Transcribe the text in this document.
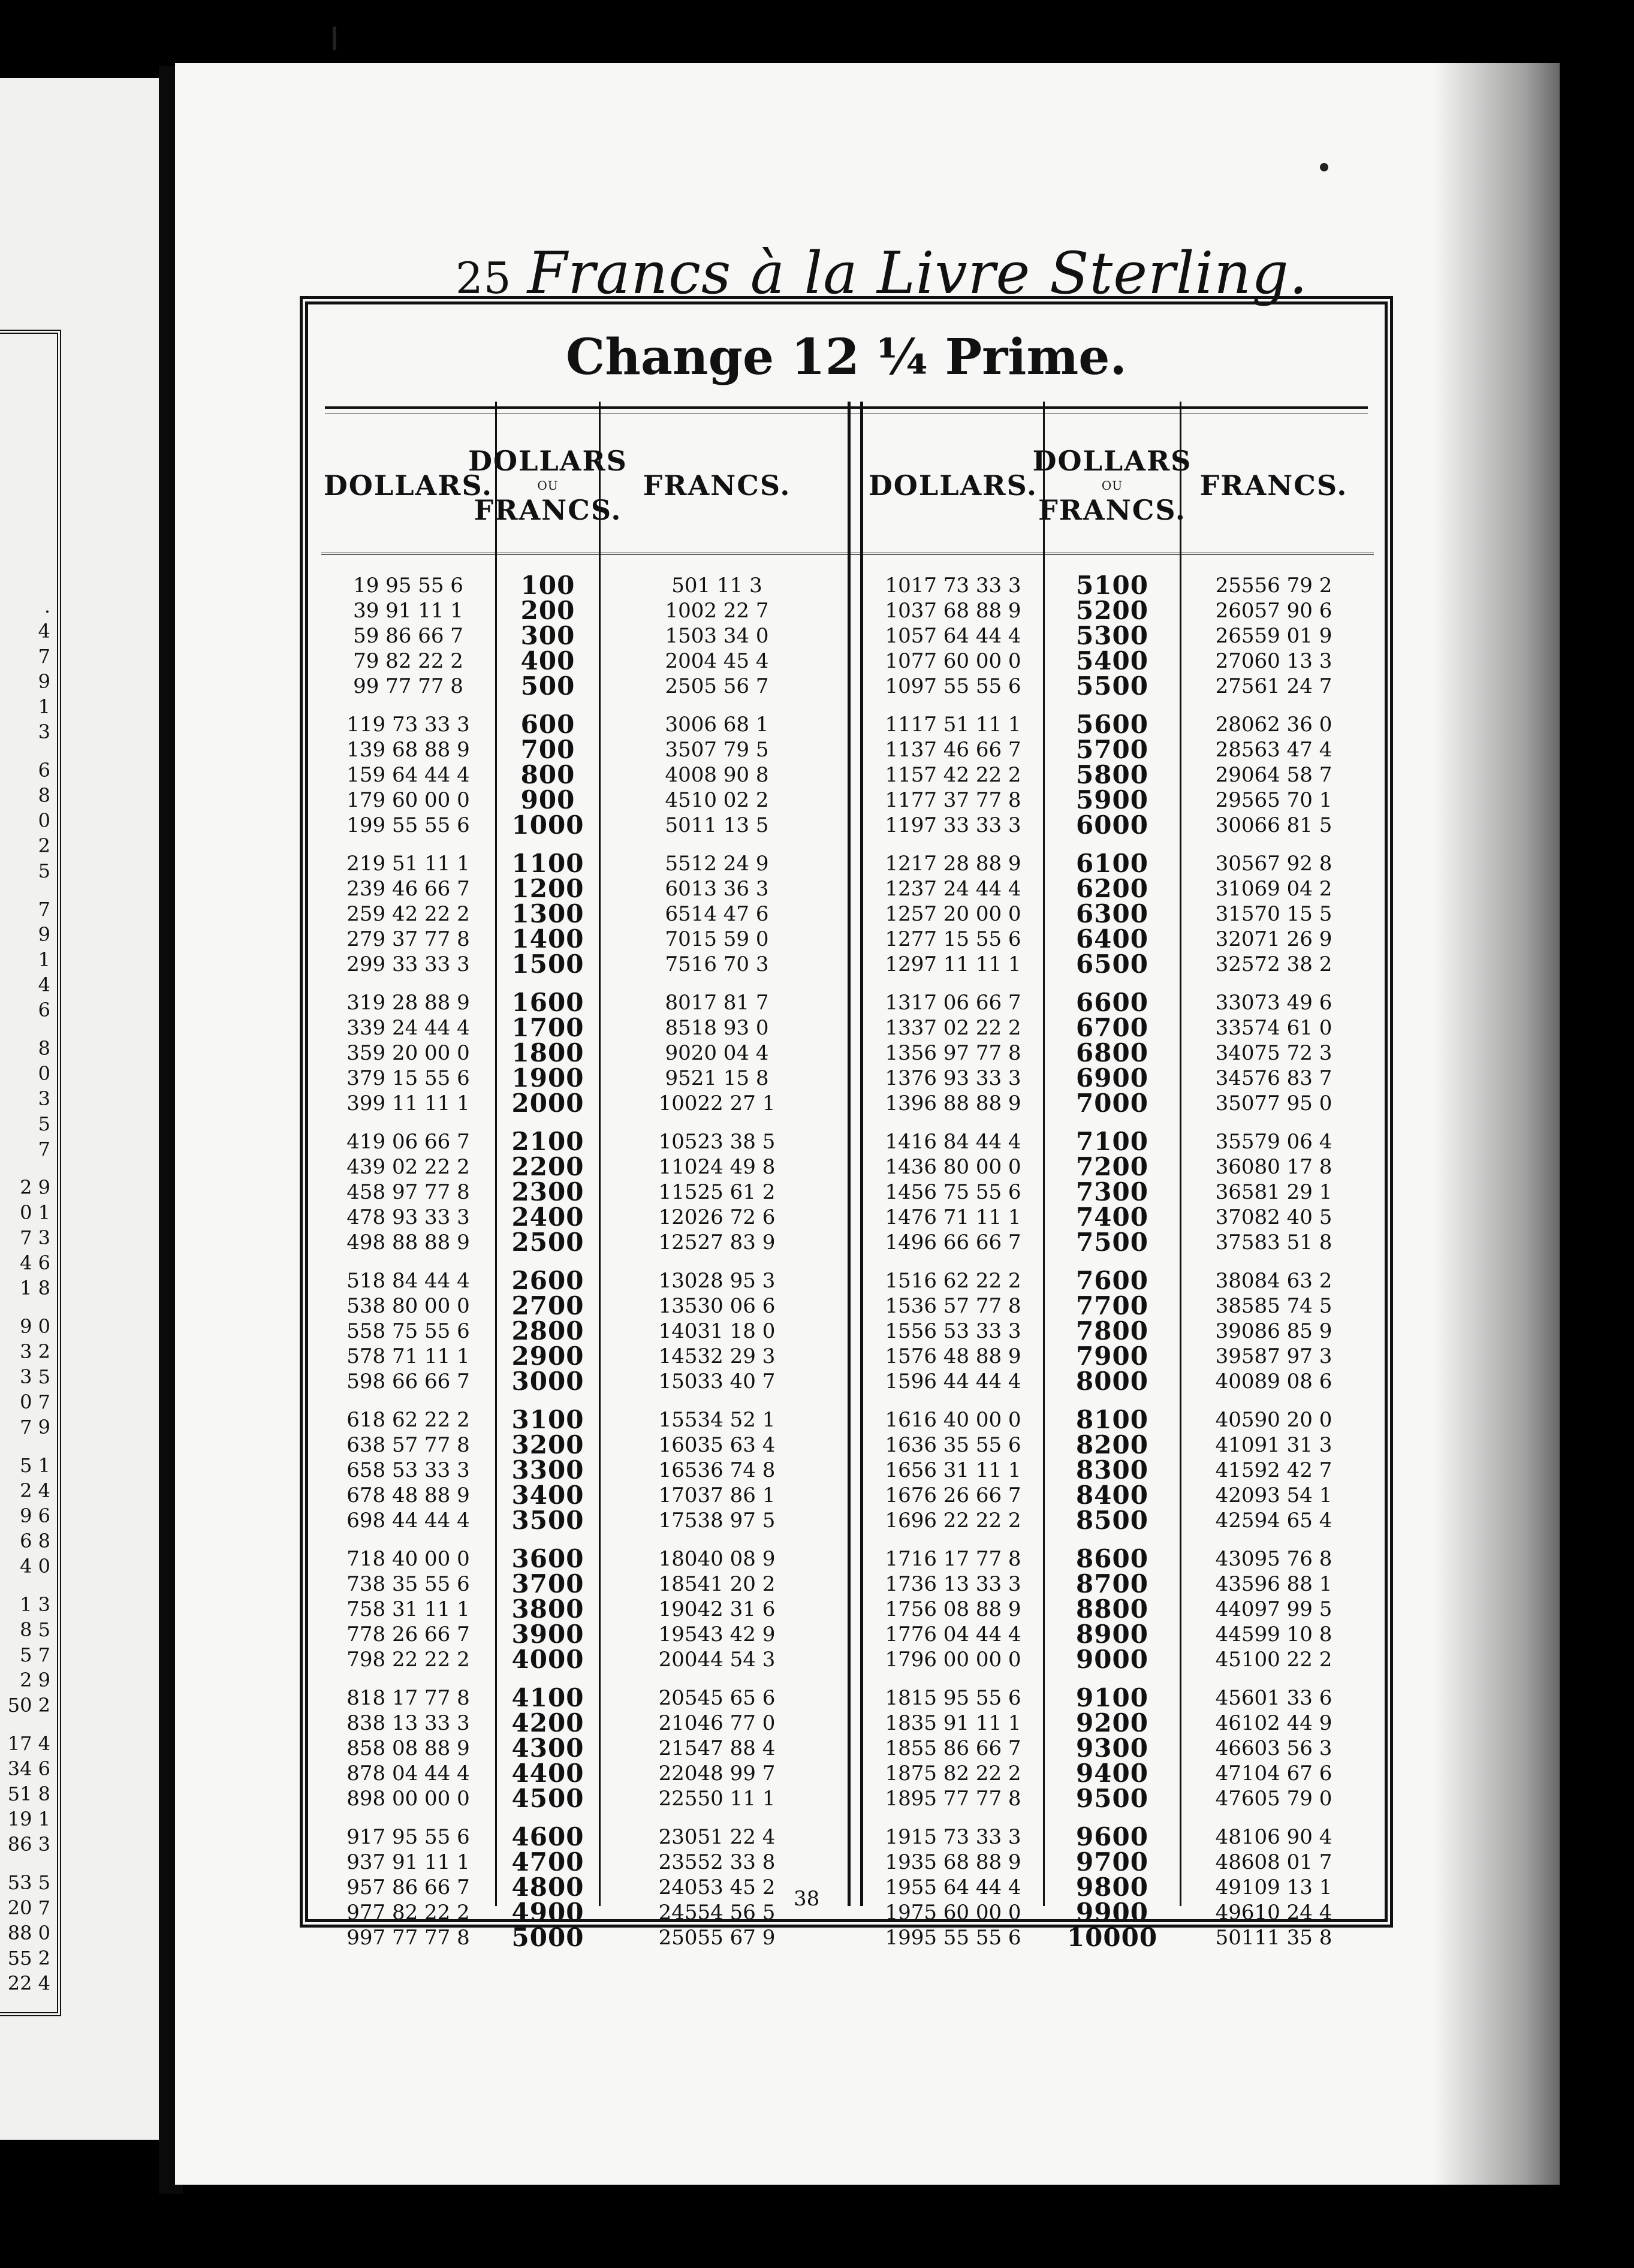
.
4
7
9
1
3
6
8
0
2
5
7
9
1
4
6
8
0
3
5
7
2 9
0 1
7 3
4 6
1 8
9 0
3 2
3 5
0 7
7 9
5 1
2 4
9 6
6 8
4 0
1 3
8 5
5 7
2 9
50 2
17 4
34 6
51 8
19 1
86 3
53 5
20 7
88 0
55 2
22 4
25 Francs à la Livre Sterling.
Change 12 ¼ Prime.
DOLLARS.
19 95 55 6
39 91 11 1
59 86 66 7
79 82 22 2
99 77 77 8
119 73 33 3
139 68 88 9
159 64 44 4
179 60 00 0
199 55 55 6
219 51 11 1
239 46 66 7
259 42 22 2
279 37 77 8
299 33 33 3
319 28 88 9
339 24 44 4
359 20 00 0
379 15 55 6
399 11 11 1
419 06 66 7
439 02 22 2
458 97 77 8
478 93 33 3
498 88 88 9
518 84 44 4
538 80 00 0
558 75 55 6
578 71 11 1
598 66 66 7
618 62 22 2
638 57 77 8
658 53 33 3
678 48 88 9
698 44 44 4
718 40 00 0
738 35 55 6
758 31 11 1
778 26 66 7
798 22 22 2
818 17 77 8
838 13 33 3
858 08 88 9
878 04 44 4
898 00 00 0
917 95 55 6
937 91 11 1
957 86 66 7
977 82 22 2
997 77 77 8
DOLLARS
OU
FRANCS.
100
200
300
400
500
600
700
800
900
1000
1100
1200
1300
1400
1500
1600
1700
1800
1900
2000
2100
2200
2300
2400
2500
2600
2700
2800
2900
3000
3100
3200
3300
3400
3500
3600
3700
3800
3900
4000
4100
4200
4300
4400
4500
4600
4700
4800
4900
5000
FRANCS.
501 11 3
1002 22 7
1503 34 0
2004 45 4
2505 56 7
3006 68 1
3507 79 5
4008 90 8
4510 02 2
5011 13 5
5512 24 9
6013 36 3
6514 47 6
7015 59 0
7516 70 3
8017 81 7
8518 93 0
9020 04 4
9521 15 8
10022 27 1
10523 38 5
11024 49 8
11525 61 2
12026 72 6
12527 83 9
13028 95 3
13530 06 6
14031 18 0
14532 29 3
15033 40 7
15534 52 1
16035 63 4
16536 74 8
17037 86 1
17538 97 5
18040 08 9
18541 20 2
19042 31 6
19543 42 9
20044 54 3
20545 65 6
21046 77 0
21547 88 4
22048 99 7
22550 11 1
23051 22 4
23552 33 8
24053 45 2
24554 56 5
25055 67 9
DOLLARS.
1017 73 33 3
1037 68 88 9
1057 64 44 4
1077 60 00 0
1097 55 55 6
1117 51 11 1
1137 46 66 7
1157 42 22 2
1177 37 77 8
1197 33 33 3
1217 28 88 9
1237 24 44 4
1257 20 00 0
1277 15 55 6
1297 11 11 1
1317 06 66 7
1337 02 22 2
1356 97 77 8
1376 93 33 3
1396 88 88 9
1416 84 44 4
1436 80 00 0
1456 75 55 6
1476 71 11 1
1496 66 66 7
1516 62 22 2
1536 57 77 8
1556 53 33 3
1576 48 88 9
1596 44 44 4
1616 40 00 0
1636 35 55 6
1656 31 11 1
1676 26 66 7
1696 22 22 2
1716 17 77 8
1736 13 33 3
1756 08 88 9
1776 04 44 4
1796 00 00 0
1815 95 55 6
1835 91 11 1
1855 86 66 7
1875 82 22 2
1895 77 77 8
1915 73 33 3
1935 68 88 9
1955 64 44 4
1975 60 00 0
1995 55 55 6
DOLLARS
OU
FRANCS.
5100
5200
5300
5400
5500
5600
5700
5800
5900
6000
6100
6200
6300
6400
6500
6600
6700
6800
6900
7000
7100
7200
7300
7400
7500
7600
7700
7800
7900
8000
8100
8200
8300
8400
8500
8600
8700
8800
8900
9000
9100
9200
9300
9400
9500
9600
9700
9800
9900
10000
FRANCS.
25556 79 2
26057 90 6
26559 01 9
27060 13 3
27561 24 7
28062 36 0
28563 47 4
29064 58 7
29565 70 1
30066 81 5
30567 92 8
31069 04 2
31570 15 5
32071 26 9
32572 38 2
33073 49 6
33574 61 0
34075 72 3
34576 83 7
35077 95 0
35579 06 4
36080 17 8
36581 29 1
37082 40 5
37583 51 8
38084 63 2
38585 74 5
39086 85 9
39587 97 3
40089 08 6
40590 20 0
41091 31 3
41592 42 7
42093 54 1
42594 65 4
43095 76 8
43596 88 1
44097 99 5
44599 10 8
45100 22 2
45601 33 6
46102 44 9
46603 56 3
47104 67 6
47605 79 0
48106 90 4
48608 01 7
49109 13 1
49610 24 4
50111 35 8
38
